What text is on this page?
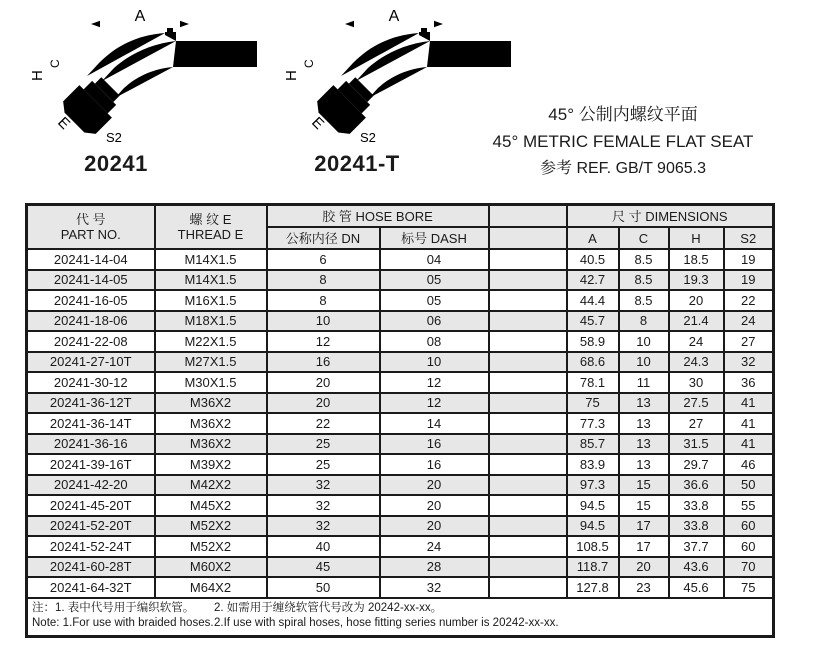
20241	20241-T
45° 公制内螺纹平面
45° METRIC FEMALE FLAT SEAT
参考 REF. GB/T 9065.3
代 号
PART NO.	螺 纹 E
THREAD E	胶 管 HOSE BORE			尺 寸 DIMENSIONS			
		公称内径 DN	标号 DASH		A	C	H	S2
20241-14-04	M14X1.5	6	04		40.5	8.5	18.5	19
20241-14-05	M14X1.5	8	05		42.7	8.5	19.3	19
20241-16-05	M16X1.5	8	05		44.4	8.5	20	22
20241-18-06	M18X1.5	10	06		45.7	8	21.4	24
20241-22-08	M22X1.5	12	08		58.9	10	24	27
20241-27-10T	M27X1.5	16	10		68.6	10	24.3	32
20241-30-12	M30X1.5	20	12		78.1	11	30	36
20241-36-12T	M36X2	20	12		75	13	27.5	41
20241-36-14T	M36X2	22	14		77.3	13	27	41
20241-36-16	M36X2	25	16		85.7	13	31.5	41
20241-39-16T	M39X2	25	16		83.9	13	29.7	46
20241-42-20	M42X2	32	20		97.3	15	36.6	50
20241-45-20T	M45X2	32	20		94.5	15	33.8	55
20241-52-20T	M52X2	32	20		94.5	17	33.8	60
20241-52-24T	M52X2	40	24		108.5	17	37.7	60
20241-60-28T	M60X2	45	28		118.7	20	43.6	70
20241-64-32T	M64X2	50	32		127.8	23	45.6	75

注：1. 表中代号用于编织软管。 2. 如需用于缠绕软管代号改为 20242-xx-xx。
Note: 1.For use with braided hoses.2.If use with spiral hoses, hose fitting series number is 20242-xx-xx.								
